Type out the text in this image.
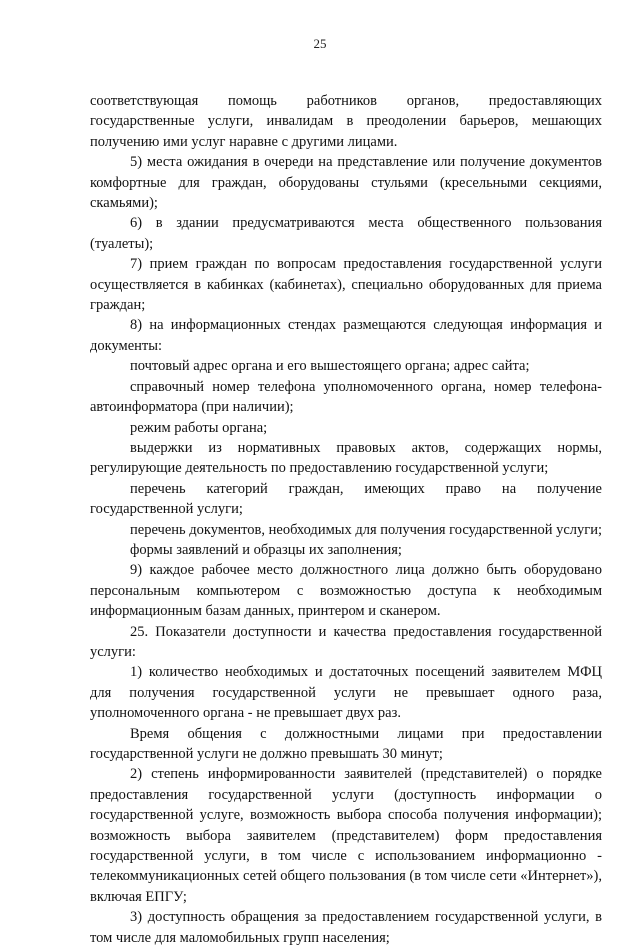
25

соответствующая помощь работников органов, предоставляющих государственные услуги, инвалидам в преодолении барьеров, мешающих получению ими услуг наравне с другими лицами.

5) места ожидания в очереди на представление или получение документов комфортные для граждан, оборудованы стульями (кресельными секциями, скамьями);

6) в здании предусматриваются места общественного пользования (туалеты);

7) прием граждан по вопросам предоставления государственной услуги осуществляется в кабинках (кабинетах), специально оборудованных для приема граждан;

8) на информационных стендах размещаются следующая информация и документы:

почтовый адрес органа и его вышестоящего органа; адрес сайта;

справочный номер телефона уполномоченного органа, номер телефона-автоинформатора (при наличии);

режим работы органа;

выдержки из нормативных правовых актов, содержащих нормы, регулирующие деятельность по предоставлению государственной услуги;

перечень категорий граждан, имеющих право на получение государственной услуги;

перечень документов, необходимых для получения государственной услуги;

формы заявлений и образцы их заполнения;

9) каждое рабочее место должностного лица должно быть оборудовано персональным компьютером с возможностью доступа к необходимым информационным базам данных, принтером и сканером.

25. Показатели доступности и качества предоставления государственной услуги:

1) количество необходимых и достаточных посещений заявителем МФЦ для получения государственной услуги не превышает одного раза, уполномоченного органа - не превышает двух раз.

Время общения с должностными лицами при предоставлении государственной услуги не должно превышать 30 минут;

2) степень информированности заявителей (представителей) о порядке предоставления государственной услуги (доступность информации о государственной услуге, возможность выбора способа получения информации); возможность выбора заявителем (представителем) форм предоставления государственной услуги, в том числе с использованием информационно - телекоммуникационных сетей общего пользования (в том числе сети «Интернет»), включая ЕПГУ;

3) доступность обращения за предоставлением государственной услуги, в том числе для маломобильных групп населения;
